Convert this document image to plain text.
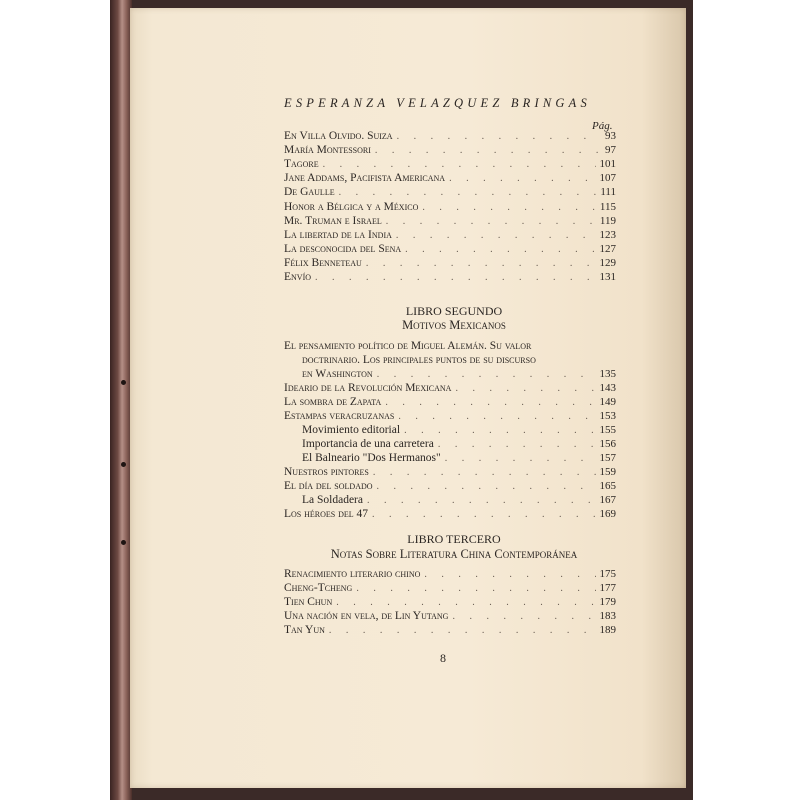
ESPERANZA VELAZQUEZ BRINGAS
Pág.
En Villa Olvido. Suiza . . .	93
María Montessori . . .	97
Tagore . . .	101
Jane Addams, Pacifista Americana . . .	107
De Gaulle . . .	111
Honor a Bélgica y a México . . .	115
Mr. Truman e Israel . . .	119
La libertad de la India . . .	123
La desconocida del Sena . . .	127
Félix Benneteau . . .	129
Envío . . .	131
LIBRO SEGUNDO
Motivos Mexicanos
El pensamiento político de Miguel Alemán. Su valor
doctrinario. Los principales puntos de su discurso
en Washington . . .	135
Ideario de la Revolución Mexicana . . .	143
La sombra de Zapata . . .	149
Estampas veracruzanas . . .	153
Movimiento editorial . . .	155
Importancia de una carretera . . .	156
El Balneario "Dos Hermanos" . . .	157
Nuestros pintores . . .	159
El día del soldado . . .	165
La Soldadera . . .	167
Los héroes del 47 . . .	169
LIBRO TERCERO
Notas Sobre Literatura China Contemporánea
Renacimiento literario chino . . .	175
Cheng-Tcheng . . .	177
Tien Chun . . .	179
Una nación en vela, de Lin Yutang . . .	183
Tan Yun . . .	189
8
